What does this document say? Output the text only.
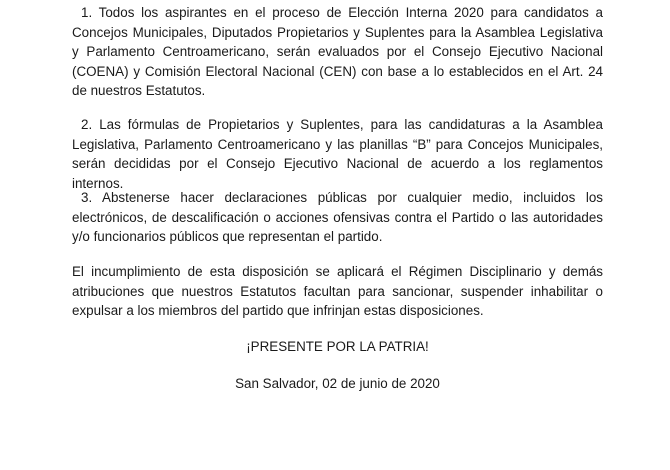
1. Todos los aspirantes en el proceso de Elección Interna 2020 para candidatos a Concejos Municipales, Diputados Propietarios y Suplentes para la Asamblea Legislativa y Parlamento Centroamericano, serán evaluados por el Consejo Ejecutivo Nacional (COENA) y Comisión Electoral Nacional (CEN) con base a lo establecidos en el Art. 24 de nuestros Estatutos.

2. Las fórmulas de Propietarios y Suplentes, para las candidaturas a la Asamblea Legislativa, Parlamento Centroamericano y las planillas “B” para Concejos Municipales, serán decididas por el Consejo Ejecutivo Nacional de acuerdo a los reglamentos internos.

3. Abstenerse hacer declaraciones públicas por cualquier medio, incluidos los electrónicos, de descalificación o acciones ofensivas contra el Partido o las autoridades y/o funcionarios públicos que representan el partido.

El incumplimiento de esta disposición se aplicará el Régimen Disciplinario y demás atribuciones que nuestros Estatutos facultan para sancionar, suspender inhabilitar o expulsar a los miembros del partido que infrinjan estas disposiciones.

¡PRESENTE POR LA PATRIA!

San Salvador, 02 de junio de 2020
